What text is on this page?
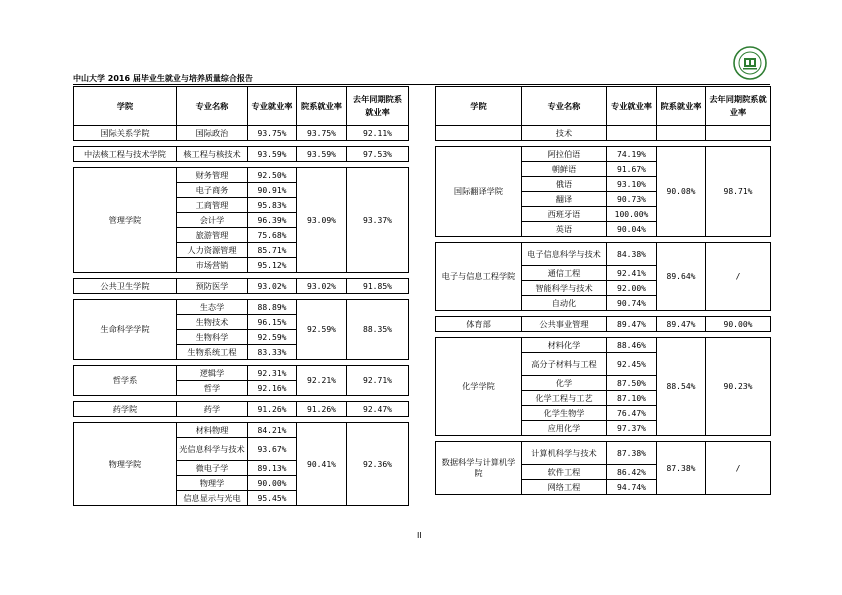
中山大学 2016 届毕业生就业与培养质量综合报告
学院	专业名称	专业就业率	院系就业率	去年同期院系就业率
国际关系学院	国际政治	93.75%	93.75%	92.11%

中法核工程与技术学院	核工程与核技术	93.59%	93.59%	97.53%

管理学院	财务管理	92.50%	93.09%	93.37%
	电子商务	90.91%		
	工商管理	95.83%		
	会计学	96.39%		
	旅游管理	75.68%		
	人力资源管理	85.71%		
	市场营销	95.12%		

公共卫生学院	预防医学	93.02%	93.02%	91.85%

生命科学学院	生态学	88.89%	92.59%	88.35%
	生物技术	96.15%		
	生物科学	92.59%		
	生物系统工程	83.33%		

哲学系	逻辑学	92.31%	92.21%	92.71%
	哲学	92.16%		

药学院	药学	91.26%	91.26%	92.47%

物理学院	材料物理	84.21%	90.41%	92.36%
	光信息科学与技术	93.67%		
	微电子学	89.13%		
	物理学	90.00%		
	信息显示与光电	95.45%		
学院	专业名称	专业就业率	院系就业率	去年同期院系就业率
	技术			

国际翻译学院	阿拉伯语	74.19%	90.08%	98.71%
	朝鲜语	91.67%		
	俄语	93.10%		
	翻译	90.73%		
	西班牙语	100.00%		
	英语	90.04%		

电子与信息工程学院	电子信息科学与技术	84.38%	89.64%	/
	通信工程	92.41%		
	智能科学与技术	92.00%		
	自动化	90.74%		

体育部	公共事业管理	89.47%	89.47%	90.00%

化学学院	材料化学	88.46%	88.54%	90.23%
	高分子材料与工程	92.45%		
	化学	87.50%		
	化学工程与工艺	87.10%		
	化学生物学	76.47%		
	应用化学	97.37%		

数据科学与计算机学院	计算机科学与技术	87.38%	87.38%	/
	软件工程	86.42%		
	网络工程	94.74%		
II
